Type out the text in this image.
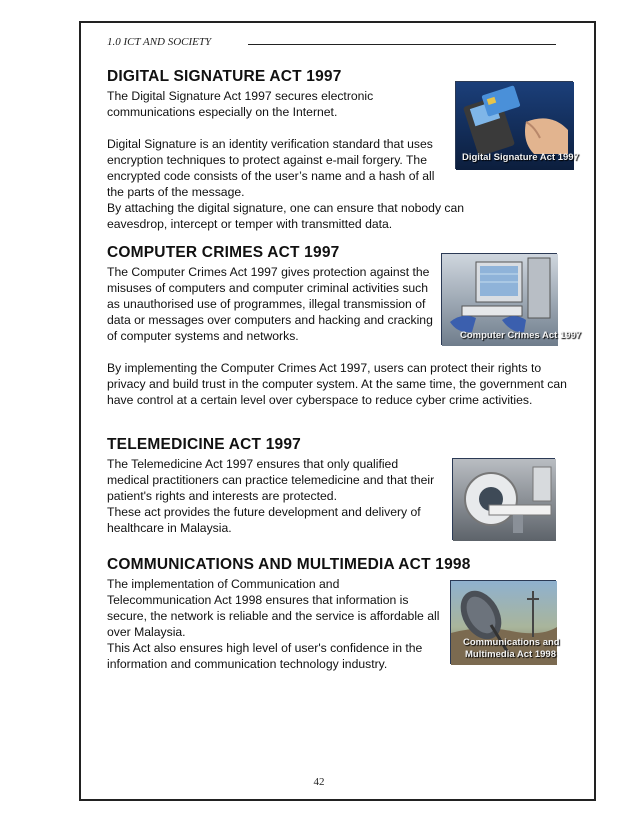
1.0 ICT AND SOCIETY
DIGITAL SIGNATURE ACT 1997
The Digital Signature Act 1997 secures electronic communications especially on the Internet.
Digital Signature is an identity verification standard that uses encryption techniques to protect against e-mail forgery. The encrypted code consists of the user’s name and a hash of all the parts of the message.
By attaching the digital signature, one can ensure that nobody can eavesdrop, intercept or temper with transmitted data.
Digital Signature Act 1997
COMPUTER CRIMES ACT 1997
The Computer Crimes Act 1997 gives protection against the misuses of computers and computer criminal activities such as unauthorised use of programmes, illegal transmission of data or messages over computers and hacking and cracking of computer systems and networks.
By implementing the Computer Crimes Act 1997, users can protect their rights to privacy and build trust in the computer system. At the same time, the government can have control at a certain level over cyberspace to reduce cyber crime activities.
Computer Crimes Act 1997
TELEMEDICINE ACT 1997
The Telemedicine Act 1997 ensures that only qualified medical practitioners can practice telemedicine and that their patient's rights and interests are protected.
These act provides the future development and delivery of healthcare in Malaysia.
COMMUNICATIONS AND MULTIMEDIA ACT 1998
The implementation of Communication and Telecommunication Act 1998 ensures that information is secure, the network is reliable and the service is affordable all over Malaysia.
This Act also ensures high level of user's confidence in the information and communication technology industry.
Communications and
Multimedia Act 1998
42
